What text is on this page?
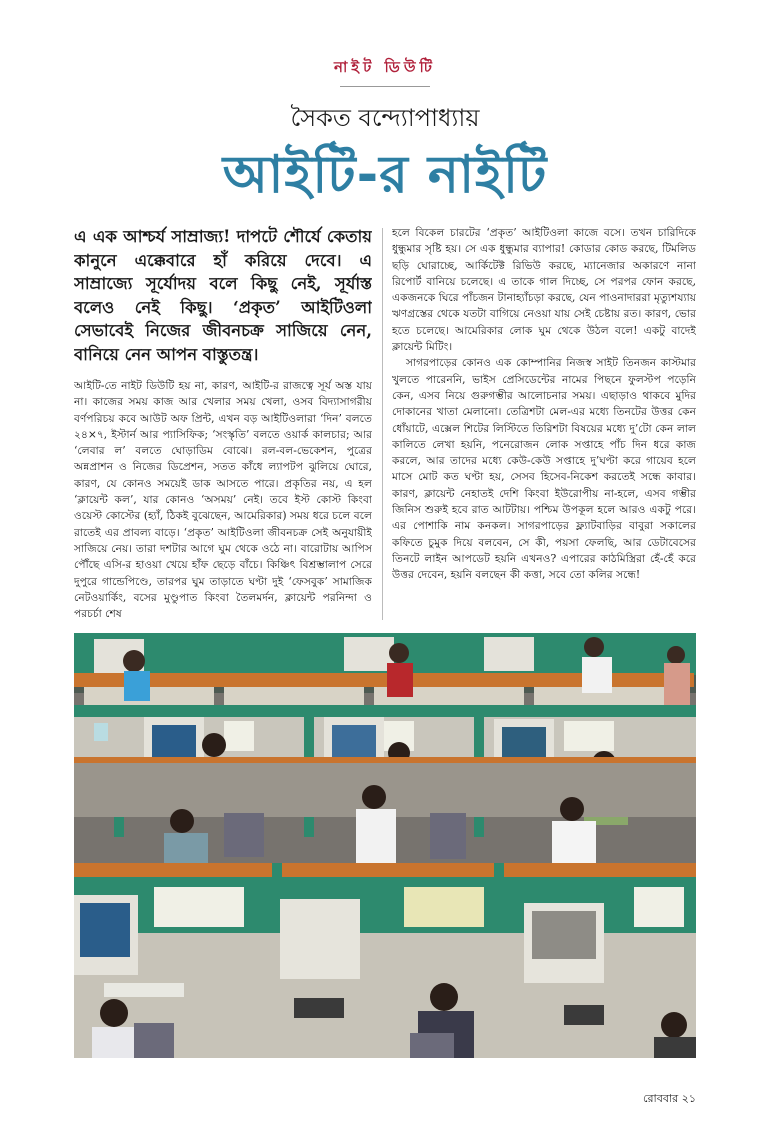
নাইট ডিউটি
সৈকত বন্দ্যোপাধ্যায়
আইটি-র নাইটি

এ এক আশ্চর্য সাম্রাজ্য! দাপটে শৌর্যে কেতায় কানুনে এক্কেবারে হাঁ করিয়ে দেবে। এ সাম্রাজ্যে সূর্যোদয় বলে কিছু নেই, সূর্যাস্ত বলেও নেই কিছু। ‘প্রকৃত’ আইটিওলা সেভাবেই নিজের জীবনচক্র সাজিয়ে নেন, বানিয়ে নেন আপন বাস্তুতন্ত্র।

আইটি-তে নাইট ডিউটি হয় না, কারণ, আইটি-র রাজত্বে সূর্য অস্ত যায় না। কাজের সময় কাজ আর খেলার সময় খেলা, ওসব বিদ্যাসাগরীয় বর্ণপরিচয় কবে আউট অফ প্রিন্ট, এখন বড় আইটিওলারা ‘দিন’ বলতে ২৪×৭, ইস্টার্ন আর প্যাসিফিক; ‘সংস্কৃতি’ বলতে ওয়ার্ক কালচার; আর ‘লেবার ল’ বলতে ঘোড়াডিম বোঝে। রল-বল-ভেকেশন, পুত্রের অন্নপ্রাশন ও নিজের ডিপ্রেশন, সতত কাঁধে ল্যাপটপ ঝুলিয়ে ঘোরে, কারণ, যে কোনও সময়েই ডাক আসতে পারে। প্রকৃতির নয়, এ হল ‘ক্লায়েন্ট কল’, যার কোনও ‘অসময়’ নেই। তবে ইস্ট কোস্ট কিংবা ওয়েস্ট কোস্টের (হ্যাঁ, ঠিকই বুঝেছেন, আমেরিকার) সময় ধরে চলে বলে রাতেই এর প্রাবল্য বাড়ে। ‘প্রকৃত’ আইটিওলা জীবনচক্র সেই অনুযায়ীই সাজিয়ে নেয়। তারা দশটার আগে ঘুম থেকে ওঠে না। বারোটায় আপিস পৌঁছে এসি-র হাওয়া খেয়ে হাঁফ ছেড়ে বাঁচে। কিঞ্চিৎ বিশ্রম্ভালাপ সেরে দুপুরে গান্ডেপিণ্ডে, তারপর ঘুম তাড়াতে ঘণ্টা দুই ‘ফেসবুক’ সামাজিক নেটওয়ার্কিং, বসের মুণ্ডুপাত কিংবা তৈলমর্দন, ক্লায়েন্ট পরনিন্দা ও পরচর্চা শেষ

হলে বিকেল চারটের ‘প্রকৃত’ আইটিওলা কাজে বসে। তখন চারিদিকে ধুন্ধুমার সৃষ্টি হয়। সে এক ধুন্ধুমার ব্যাপার! কোডার কোড করছে, টিমলিড ছড়ি ঘোরাচ্ছে, আর্কিটেক্ট রিভিউ করছে, ম্যানেজার অকারণে নানা রিপোর্ট বানিয়ে চলেছে। এ তাকে গাল দিচ্ছে, সে পরপর ফোন করছে, একজনকে ঘিরে পাঁচজন টানাহ্যাঁচড়া করছে, যেন পাওনাদাররা মৃত্যুশয্যায় ঋণগ্রস্তের থেকে যতটা বাগিয়ে নেওয়া যায় সেই চেষ্টায় রত। কারণ, ভোর হতে চলেছে। আমেরিকার লোক ঘুম থেকে উঠল বলে! একটু বাদেই ক্লায়েন্ট মিটিং।

সাগরপাড়ের কোনও এক কোম্পানির নিজস্ব সাইট তিনজন কাস্টমার খুলতে পারেননি, ভাইস প্রেসিডেন্টের নামের পিছনে ফুলস্টপ পড়েনি কেন, এসব নিয়ে গুরুগম্ভীর আলোচনার সময়। এছাড়াও থাকবে মুদির দোকানের খাতা মেলানো। তেত্রিশটা মেল-এর মধ্যে তিনটের উত্তর কেন ধোঁয়াটে, এক্সেল শিটের লিস্টিতে তিরিশটা বিষয়ের মধ্যে দু’টো কেন লাল কালিতে লেখা হয়নি, পনেরোজন লোক সপ্তাহে পাঁচ দিন ধরে কাজ করলে, আর তাদের মধ্যে কেউ-কেউ সপ্তাহে দু’ঘণ্টা করে গায়েব হলে মাসে মোট কত ঘণ্টা হয়, সেসব হিসেব-নিকেশ করতেই সন্ধে কাবার। কারণ, ক্লায়েন্ট নেহাতই দেশি কিংবা ইউরোপীয় না-হলে, এসব গম্ভীর জিনিস শুরুই হবে রাত আটটায়। পশ্চিম উপকূল হলে আরও একটু পরে। এর পোশাকি নাম কনকল। সাগরপাড়ের ফ্ল্যাটবাড়ির বাবুরা সকালের কফিতে চুমুক দিয়ে বলবেন, সে কী, পয়সা ফেলছি, আর ডেটাবেসের তিনটে লাইন আপডেট হয়নি এখনও? এপারের কাঠমিস্ত্রিরা হেঁ-হেঁ করে উত্তর দেবেন, হয়নি বলছেন কী কত্তা, সবে তো কলির সন্ধে!

রোববার ২১
